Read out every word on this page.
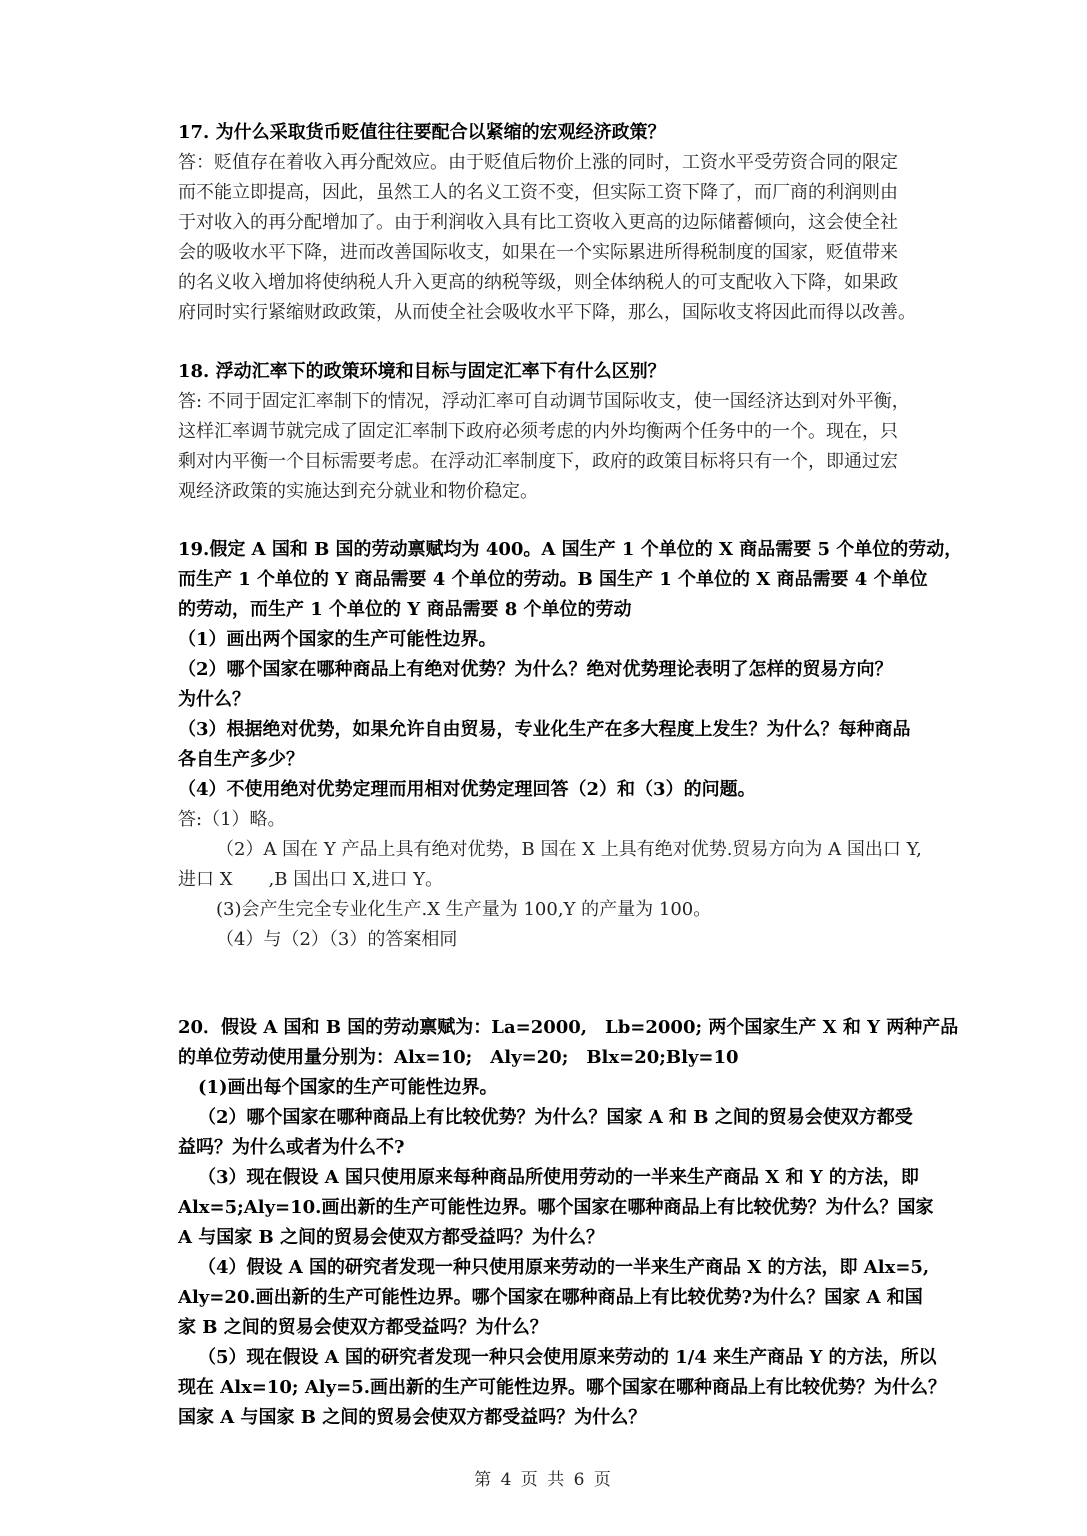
17. 为什么采取货币贬值往往要配合以紧缩的宏观经济政策？
答：贬值存在着收入再分配效应。由于贬值后物价上涨的同时，工资水平受劳资合同的限定
而不能立即提高，因此，虽然工人的名义工资不变，但实际工资下降了，而厂商的利润则由
于对收入的再分配增加了。由于利润收入具有比工资收入更高的边际储蓄倾向，这会使全社
会的吸收水平下降，进而改善国际收支，如果在一个实际累进所得税制度的国家，贬值带来
的名义收入增加将使纳税人升入更高的纳税等级，则全体纳税人的可支配收入下降，如果政
府同时实行紧缩财政政策，从而使全社会吸收水平下降，那么，国际收支将因此而得以改善。
18. 浮动汇率下的政策环境和目标与固定汇率下有什么区别？
答: 不同于固定汇率制下的情况，浮动汇率可自动调节国际收支，使一国经济达到对外平衡，
这样汇率调节就完成了固定汇率制下政府必须考虑的内外均衡两个任务中的一个。现在，只
剩对内平衡一个目标需要考虑。在浮动汇率制度下，政府的政策目标将只有一个，即通过宏
观经济政策的实施达到充分就业和物价稳定。
19.假定 A 国和 B 国的劳动禀赋均为 400。A 国生产 1 个单位的 X 商品需要 5 个单位的劳动，
而生产 1 个单位的 Y 商品需要 4 个单位的劳动。B 国生产 1 个单位的 X 商品需要 4 个单位
的劳动，而生产 1 个单位的 Y 商品需要 8 个单位的劳动
（1）画出两个国家的生产可能性边界。
（2）哪个国家在哪种商品上有绝对优势？为什么？绝对优势理论表明了怎样的贸易方向？
为什么？
（3）根据绝对优势，如果允许自由贸易，专业化生产在多大程度上发生？为什么？每种商品
各自生产多少？
（4）不使用绝对优势定理而用相对优势定理回答（2）和（3）的问题。
答:（1）略。
（2）A 国在 Y 产品上具有绝对优势，B 国在 X 上具有绝对优势.贸易方向为 A 国出口 Y,
进口 X　　,B 国出口 X,进口 Y。
(3)会产生完全专业化生产.X 生产量为 100,Y 的产量为 100。
（4）与（2）（3）的答案相同
20．假设 A 国和 B 国的劳动禀赋为：La=2000,　Lb=2000; 两个国家生产 X 和 Y 两种产品
的单位劳动使用量分别为：Alx=10;　Aly=20;　Blx=20;Bly=10
(1)画出每个国家的生产可能性边界。
（2）哪个国家在哪种商品上有比较优势？为什么？国家 A 和 B 之间的贸易会使双方都受
益吗？为什么或者为什么不?
（3）现在假设 A 国只使用原来每种商品所使用劳动的一半来生产商品 X 和 Y 的方法，即
Alx=5;Aly=10.画出新的生产可能性边界。哪个国家在哪种商品上有比较优势？为什么？国家
A 与国家 B 之间的贸易会使双方都受益吗？为什么？
（4）假设 A 国的研究者发现一种只使用原来劳动的一半来生产商品 X 的方法，即 Alx=5,
Aly=20.画出新的生产可能性边界。哪个国家在哪种商品上有比较优势?为什么？国家 A 和国
家 B 之间的贸易会使双方都受益吗？为什么？
（5）现在假设 A 国的研究者发现一种只会使用原来劳动的 1/4 来生产商品 Y 的方法，所以
现在 Alx=10; Aly=5.画出新的生产可能性边界。哪个国家在哪种商品上有比较优势？为什么？
国家 A 与国家 B 之间的贸易会使双方都受益吗？为什么？
第 4 页 共 6 页
